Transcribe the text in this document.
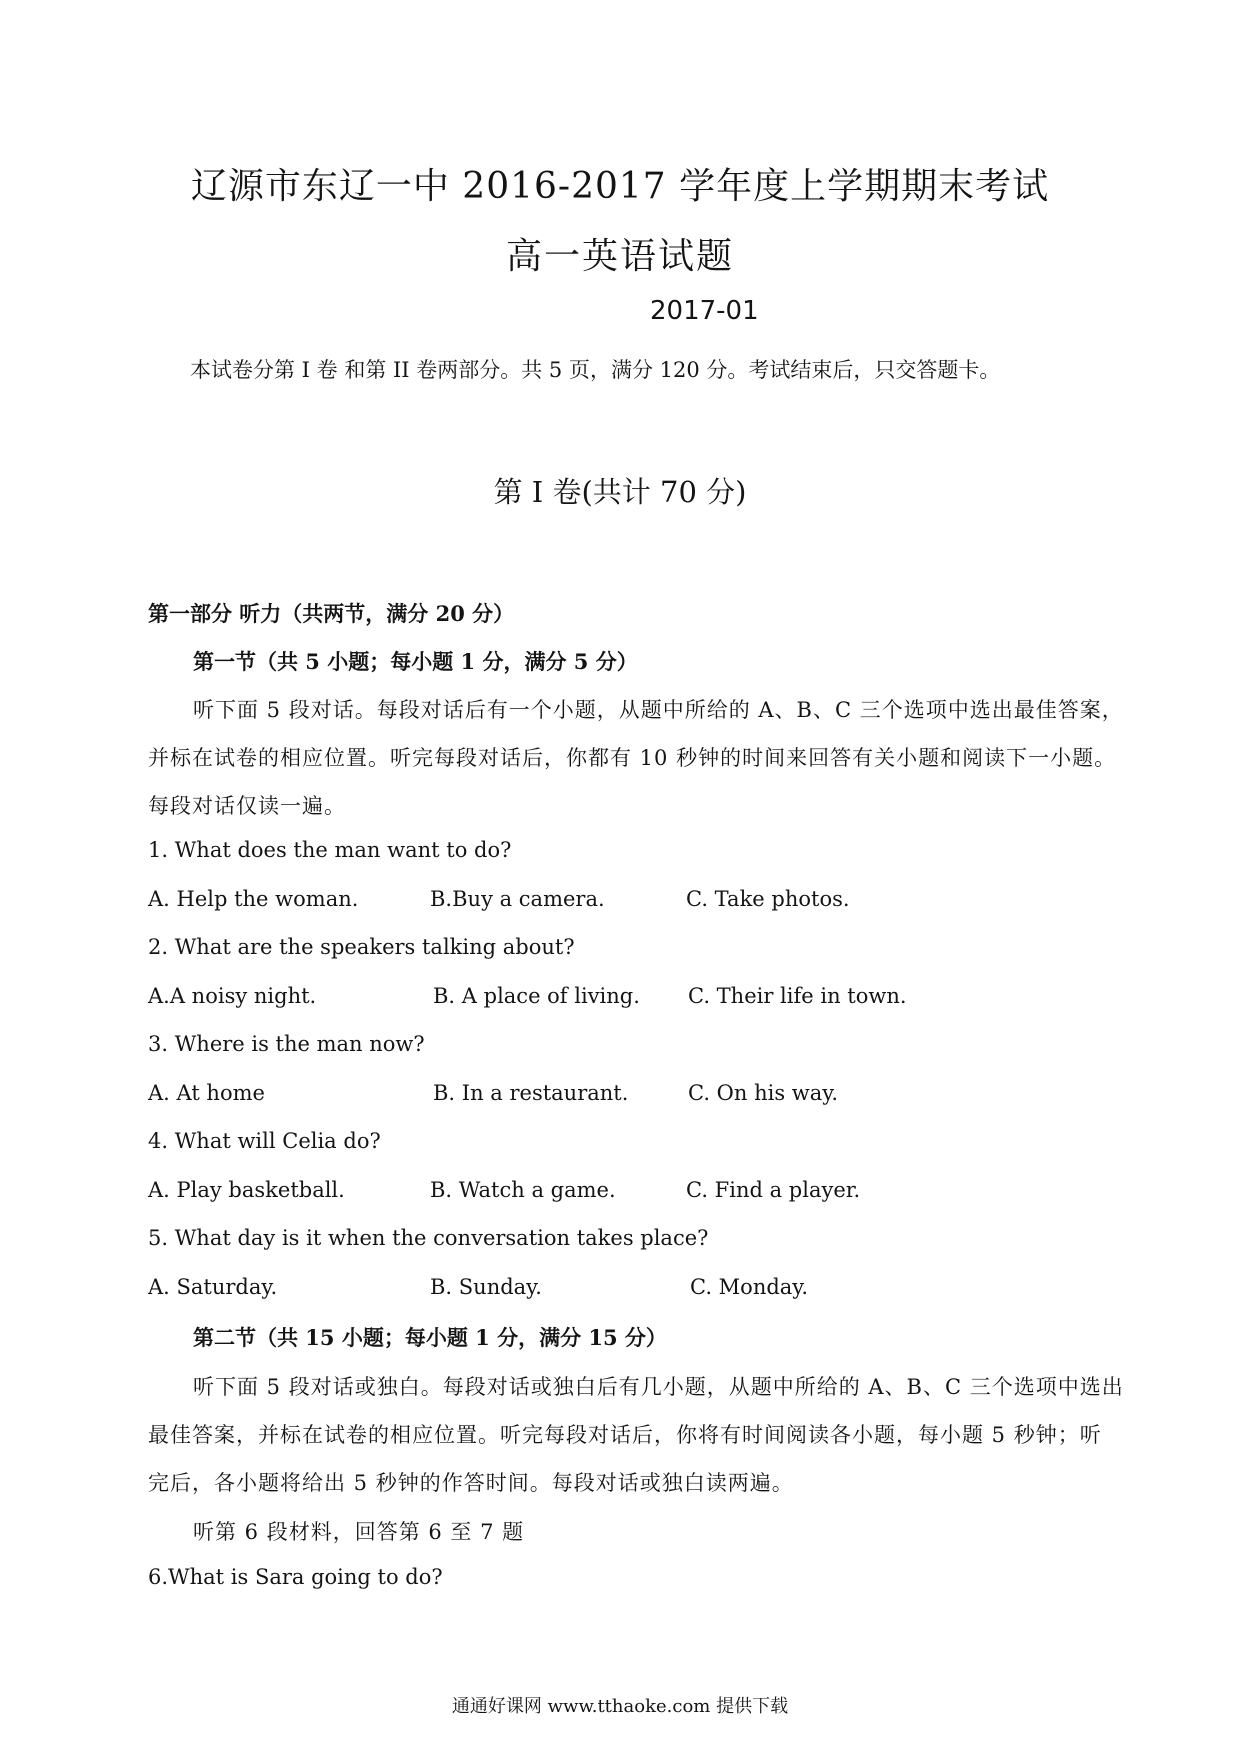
辽源市东辽一中 2016-2017 学年度上学期期末考试
高一英语试题
2017-01
本试卷分第 I 卷 和第 II 卷两部分。共 5 页，满分 120 分。考试结束后，只交答题卡。
第 I 卷(共计 70 分)
第一部分 听力（共两节，满分 20 分）
第一节（共 5 小题；每小题 1 分，满分 5 分）
听下面 5 段对话。每段对话后有一个小题，从题中所给的 A、B、C 三个选项中选出最佳答案，
并标在试卷的相应位置。听完每段对话后，你都有 10 秒钟的时间来回答有关小题和阅读下一小题。
每段对话仅读一遍。
1. What does the man want to do?
A. Help the woman.	B.Buy a camera.	C. Take photos.
2. What are the speakers talking about?
A.A noisy night.	B. A place of living. C. Their life in town.
3. Where is the man now?
A. At home	B. In a restaurant.	C. On his way.
4. What will Celia do?
A. Play basketball.	B. Watch a game.	C. Find a player.
5. What day is it when the conversation takes place?
A. Saturday.	B. Sunday.	C. Monday.
第二节（共 15 小题；每小题 1 分，满分 15 分）
听下面 5 段对话或独白。每段对话或独白后有几小题，从题中所给的 A、B、C 三个选项中选出
最佳答案，并标在试卷的相应位置。听完每段对话后，你将有时间阅读各小题，每小题 5 秒钟；听
完后，各小题将给出 5 秒钟的作答时间。每段对话或独白读两遍。
听第 6 段材料，回答第 6 至 7 题
6.What is Sara going to do?
通通好课网 www.tthaoke.com 提供下载
